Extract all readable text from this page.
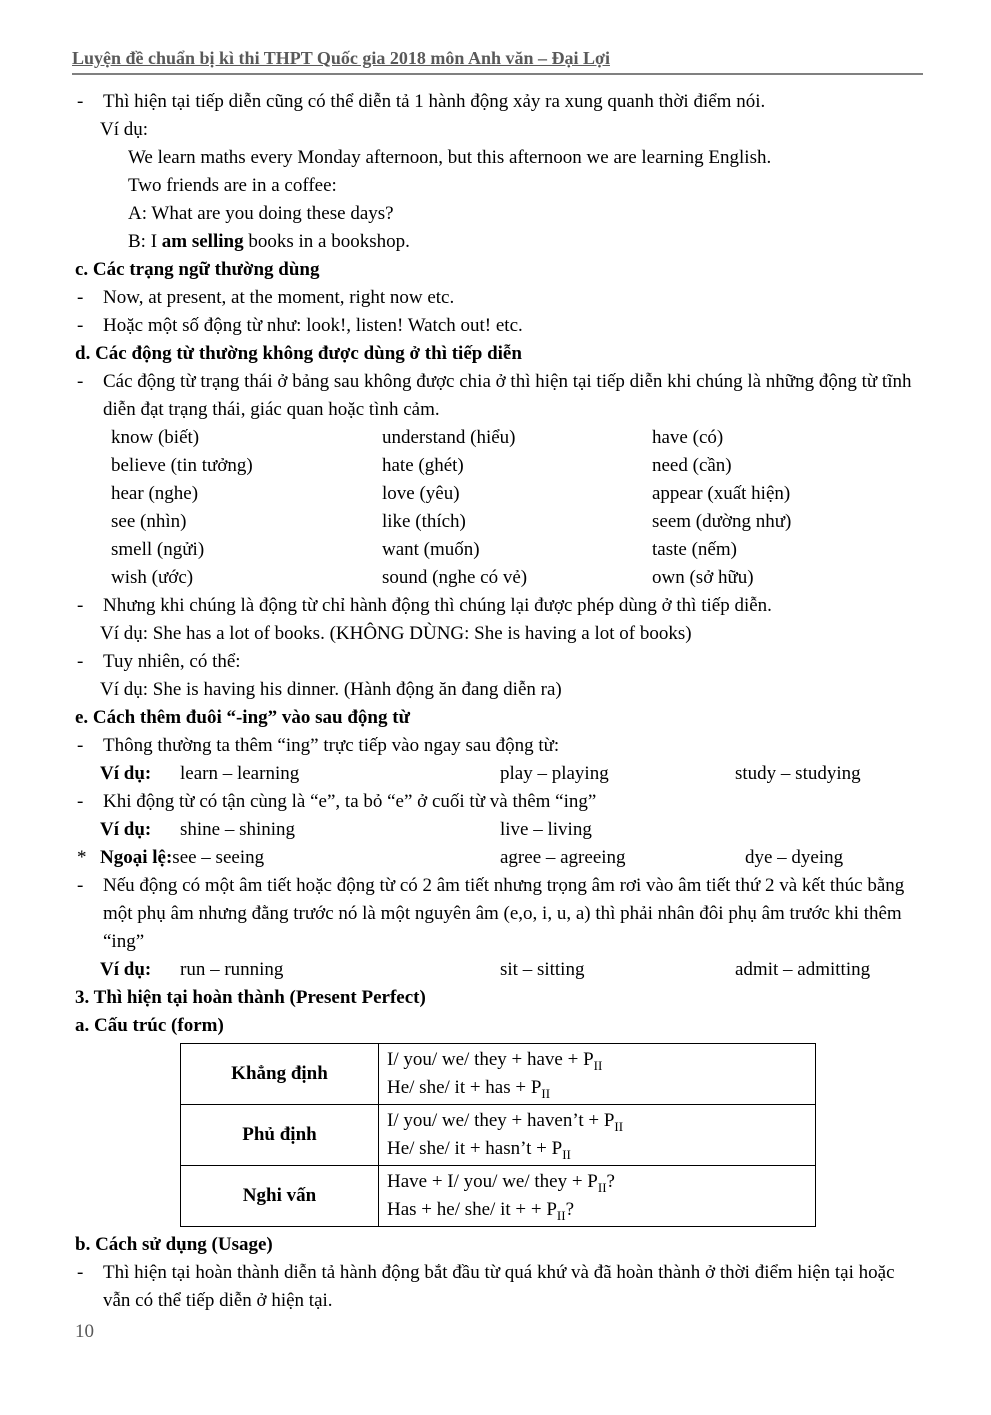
Luyện đề chuẩn bị kì thi THPT Quốc gia 2018 môn Anh văn – Đại Lợi
-	Thì hiện tại tiếp diễn cũng có thể diễn tả 1 hành động xảy ra xung quanh thời điểm nói.
Ví dụ:
We learn maths every Monday afternoon, but this afternoon we are learning English.
Two friends are in a coffee:
A: What are you doing these days?
B: I am selling books in a bookshop.
c. Các trạng ngữ thường dùng
-	Now, at present, at the moment, right now etc.
-	Hoặc một số động từ như: look!, listen! Watch out! etc.
d. Các động từ thường không được dùng ở thì tiếp diễn
-	Các động từ trạng thái ở bảng sau không được chia ở thì hiện tại tiếp diễn khi chúng là những động từ tĩnh diễn đạt trạng thái, giác quan hoặc tình cảm.
know (biết)	understand (hiểu)	have (có)
believe (tin tưởng)	hate (ghét)	need (cần)
hear (nghe)	love (yêu)	appear (xuất hiện)
see (nhìn)	like (thích)	seem (dường như)
smell (ngửi)	want (muốn)	taste (nếm)
wish (ước)	sound (nghe có vẻ)	own (sở hữu)
-	Nhưng khi chúng là động từ chỉ hành động thì chúng lại được phép dùng ở thì tiếp diễn.
Ví dụ: She has a lot of books. (KHÔNG DÙNG: She is having a lot of books)
-	Tuy nhiên, có thể:
Ví dụ: She is having his dinner. (Hành động ăn đang diễn ra)
e. Cách thêm đuôi “-ing” vào sau động từ
-	Thông thường ta thêm “ing” trực tiếp vào ngay sau động từ:
Ví dụ:	learn – learning	play – playing	study – studying
-	Khi động từ có tận cùng là “e”, ta bỏ “e” ở cuối từ và thêm “ing”
Ví dụ:	shine – shining	live – living
* Ngoại lệ:see – seeing	agree – agreeing	dye – dyeing
-	Nếu động có một âm tiết hoặc động từ có 2 âm tiết nhưng trọng âm rơi vào âm tiết thứ 2 và kết thúc bằng một phụ âm nhưng đằng trước nó là một nguyên âm (e,o, i, u, a) thì phải nhân đôi phụ âm trước khi thêm “ing”
Ví dụ:	run – running	sit – sitting	admit – admitting
3. Thì hiện tại hoàn thành (Present Perfect)
a. Cấu trúc (form)
Khẳng định	I/ you/ we/ they + have + $P_{II}$
He/ she/ it + has + $P_{II}$

Phủ định	I/ you/ we/ they + haven’t + $P_{II}$
He/ she/ it + hasn’t + $P_{II}$

Nghi vấn	Have + I/ you/ we/ they + $P_{II}$?
Has + he/ she/ it + + $P_{II}$?
b. Cách sử dụng (Usage)
-	Thì hiện tại hoàn thành diễn tả hành động bắt đầu từ quá khứ và đã hoàn thành ở thời điểm hiện tại hoặc vẫn có thể tiếp diễn ở hiện tại.
10
